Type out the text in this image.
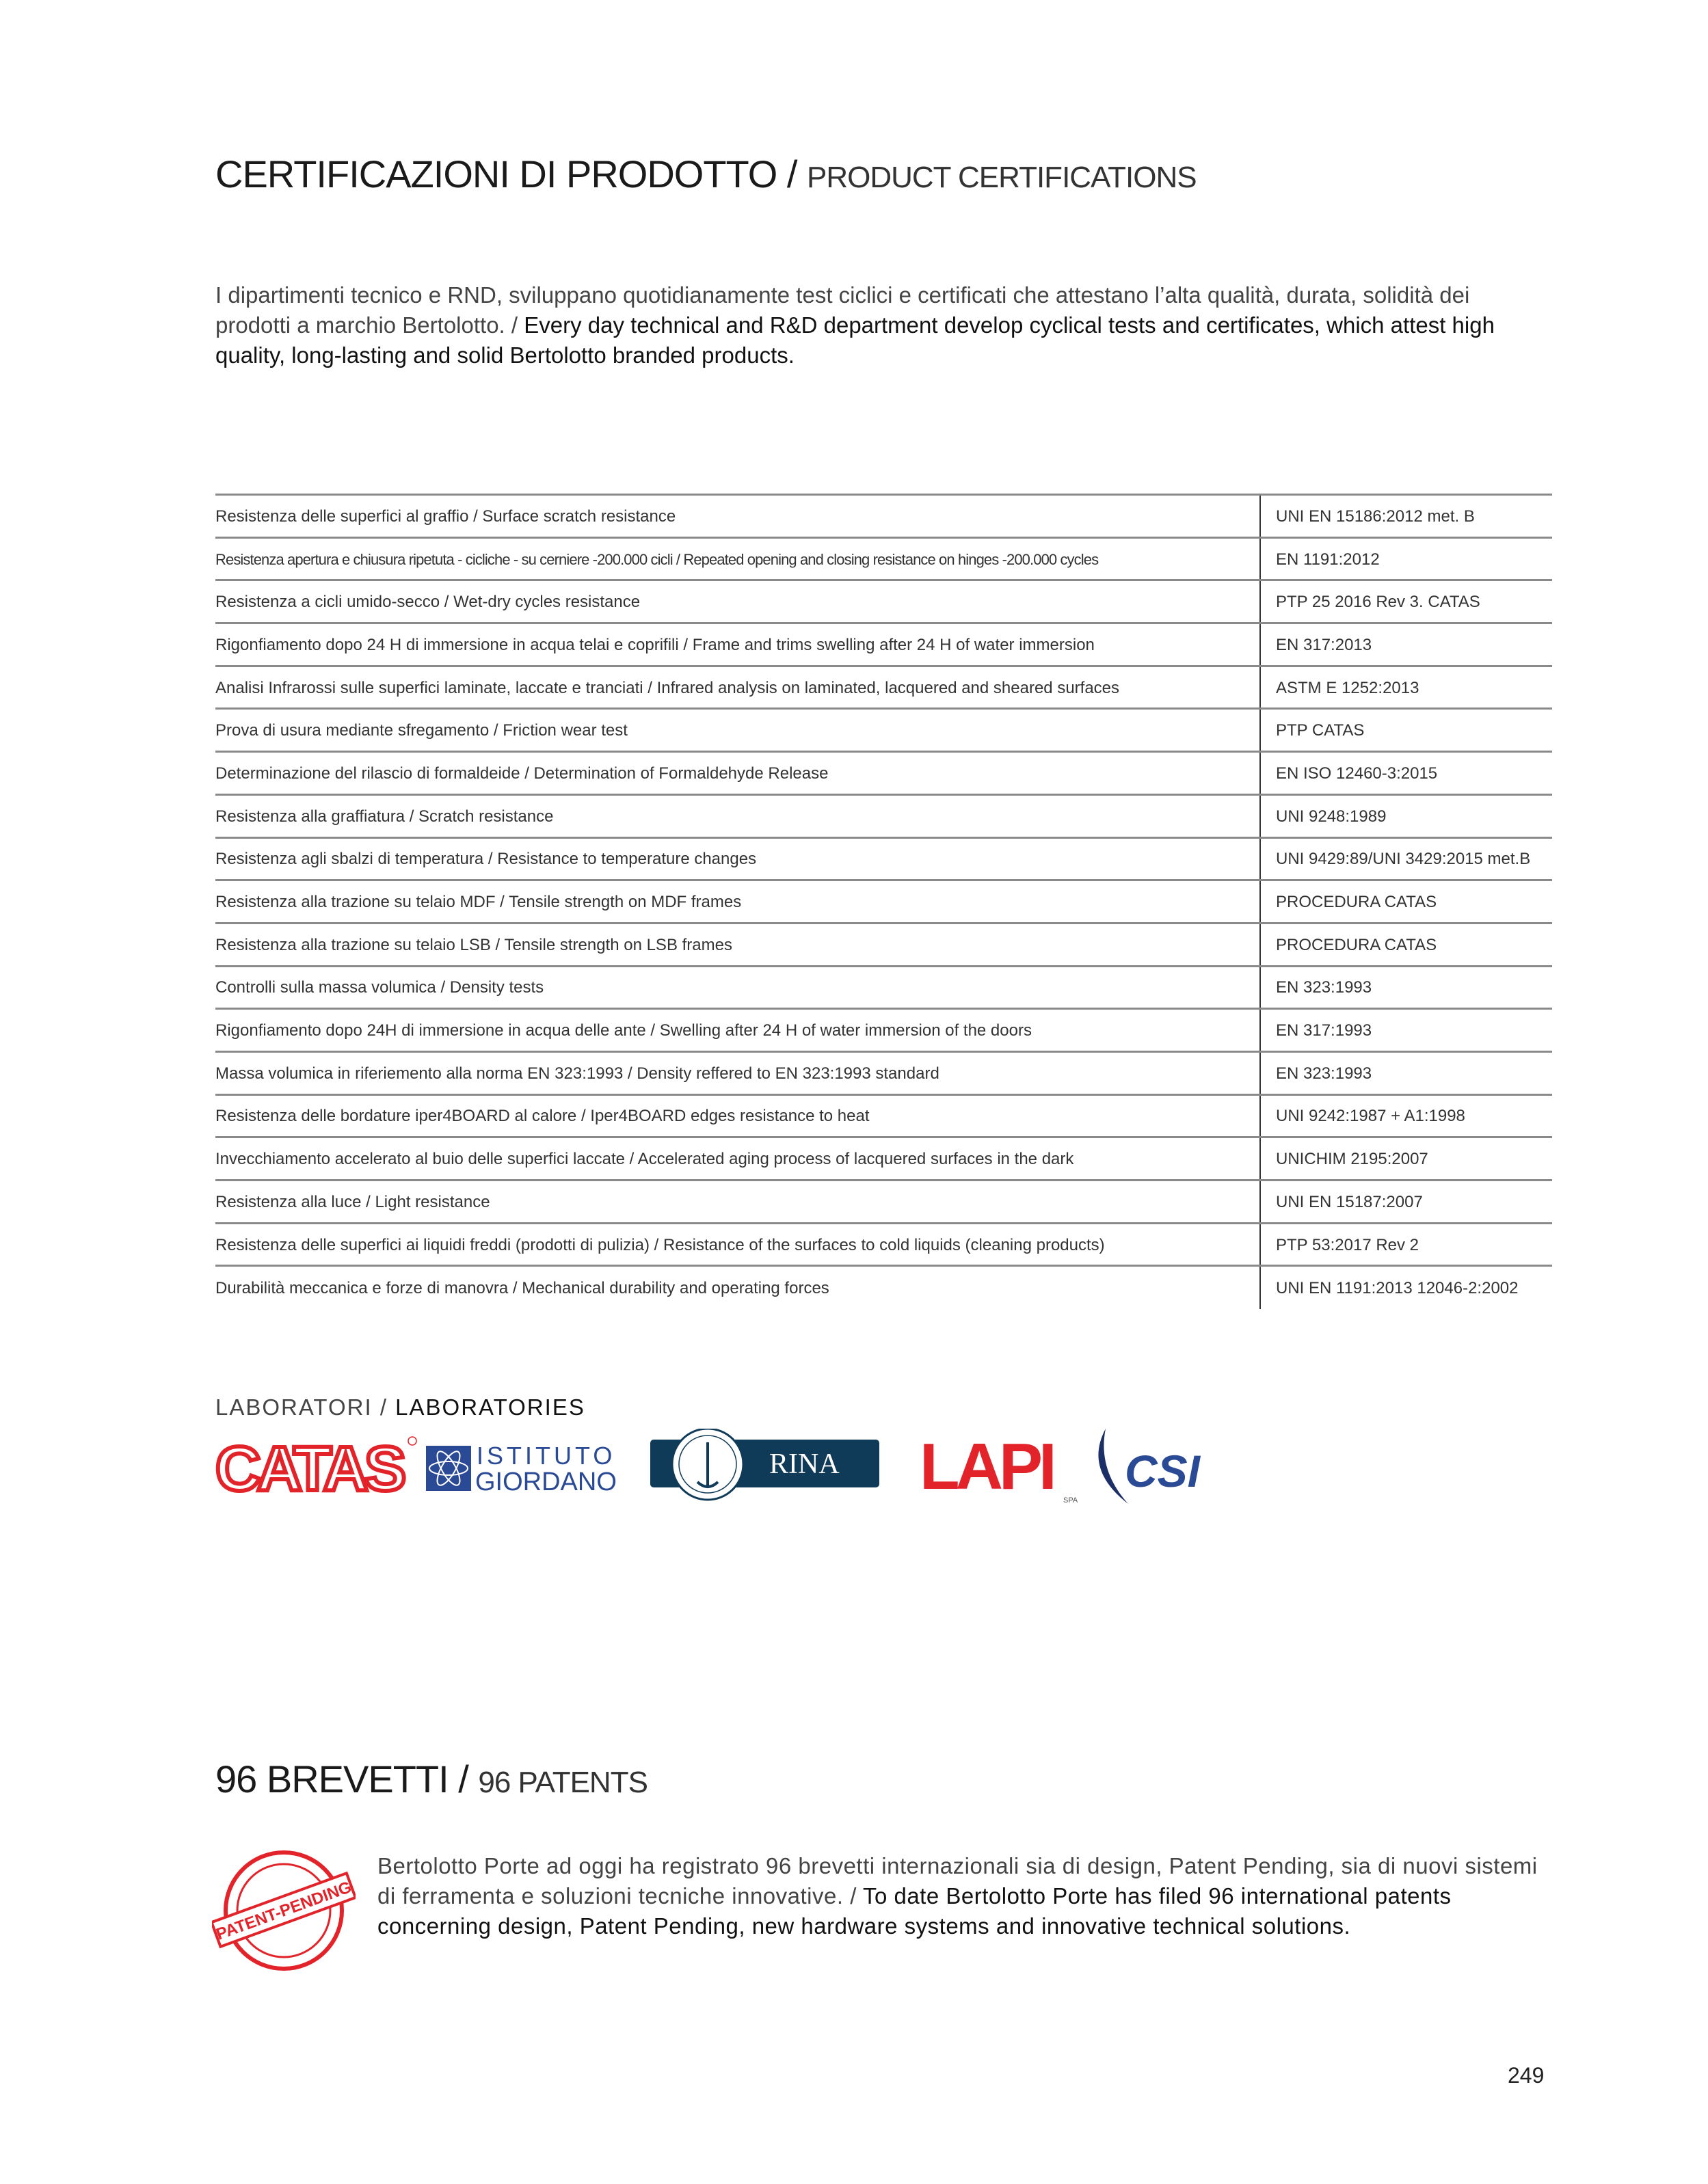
CERTIFICAZIONI DI PRODOTTO / PRODUCT CERTIFICATIONS

I dipartimenti tecnico e RND, sviluppano quotidianamente test ciclici e certificati che attestano l’alta qualità, durata, solidità dei prodotti a marchio Bertolotto. / Every day technical and R&D department develop cyclical tests and certificates, which attest high quality, long-lasting and solid Bertolotto branded products.

Resistenza delle superfici al graffio / Surface scratch resistance	UNI EN 15186:2012 met. B
Resistenza apertura e chiusura ripetuta - cicliche - su cerniere -200.000 cicli / Repeated opening and closing resistance on hinges -200.000 cycles	EN 1191:2012
Resistenza a cicli umido-secco / Wet-dry cycles resistance	PTP 25 2016 Rev 3. CATAS
Rigonfiamento dopo 24 H di immersione in acqua telai e coprifili / Frame and trims swelling after 24 H of water immersion	EN 317:2013
Analisi Infrarossi sulle superfici laminate, laccate e tranciati / Infrared analysis on laminated, lacquered and sheared surfaces	ASTM E 1252:2013
Prova di usura mediante sfregamento / Friction wear test	PTP CATAS
Determinazione del rilascio di formaldeide / Determination of Formaldehyde Release	EN ISO 12460-3:2015
Resistenza alla graffiatura / Scratch resistance	UNI 9248:1989
Resistenza agli sbalzi di temperatura / Resistance to temperature changes	UNI 9429:89/UNI 3429:2015 met.B
Resistenza alla trazione su telaio MDF / Tensile strength on MDF frames	PROCEDURA CATAS
Resistenza alla trazione su telaio LSB / Tensile strength on LSB frames	PROCEDURA CATAS
Controlli sulla massa volumica / Density tests	EN 323:1993
Rigonfiamento dopo 24H di immersione in acqua delle ante / Swelling after 24 H of water immersion of the doors	EN 317:1993
Massa volumica in riferiemento alla norma EN 323:1993 / Density reffered to EN 323:1993 standard	EN 323:1993
Resistenza delle bordature iper4BOARD al calore / Iper4BOARD edges resistance to heat	UNI 9242:1987 + A1:1998
Invecchiamento accelerato al buio delle superfici laccate / Accelerated aging process of lacquered surfaces in the dark	UNICHIM 2195:2007
Resistenza alla luce / Light resistance	UNI EN 15187:2007
Resistenza delle superfici ai liquidi freddi (prodotti di pulizia) / Resistance of the surfaces to cold liquids (cleaning products)	PTP 53:2017 Rev 2
Durabilità meccanica e forze di manovra / Mechanical durability and operating forces	UNI EN 1191:2013 12046-2:2002
LABORATORI / LABORATORIES
CATAS	ISTITUTO
GIORDANO
RINA LAPI SPA
CSI
96 BREVETTI / 96 PATENTS
PATENT-PENDING

Bertolotto Porte ad oggi ha registrato 96 brevetti internazionali sia di design, Patent Pending, sia di nuovi sistemi di ferramenta e soluzioni tecniche innovative. / To date Bertolotto Porte has filed 96 international patents concerning design, Patent Pending, new hardware systems and innovative technical solutions.

249
